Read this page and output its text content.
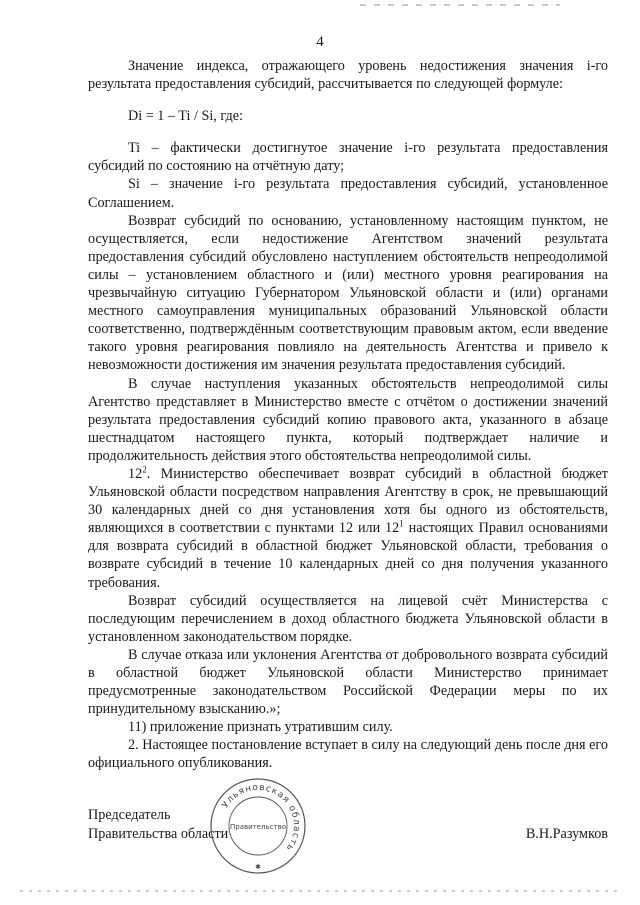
4

Значение индекса, отражающего уровень недостижения значения i-го результата предоставления субсидий, рассчитывается по следующей формуле:

Di = 1 – Ti / Si, где:

Ti – фактически достигнутое значение i-го результата предоставления субсидий по состоянию на отчётную дату;

Si – значение i-го результата предоставления субсидий, установленное Соглашением.

Возврат субсидий по основанию, установленному настоящим пунктом, не осуществляется, если недостижение Агентством значений результата предоставления субсидий обусловлено наступлением обстоятельств непреодолимой силы – установлением областного и (или) местного уровня реагирования на чрезвычайную ситуацию Губернатором Ульяновской области и (или) органами местного самоуправления муниципальных образований Ульяновской области соответственно, подтверждённым соответствующим правовым актом, если введение такого уровня реагирования повлияло на деятельность Агентства и привело к невозможности достижения им значения результата предоставления субсидий.

В случае наступления указанных обстоятельств непреодолимой силы Агентство представляет в Министерство вместе с отчётом о достижении значений результата предоставления субсидий копию правового акта, указанного в абзаце шестнадцатом настоящего пункта, который подтверждает наличие и продолжительность действия этого обстоятельства непреодолимой силы.

$12^2$. Министерство обеспечивает возврат субсидий в областной бюджет Ульяновской области посредством направления Агентству в срок, не превышающий 30 календарных дней со дня установления хотя бы одного из обстоятельств, являющихся в соответствии с пунктами 12 или $12^1$ настоящих Правил основаниями для возврата субсидий в областной бюджет Ульяновской области, требования о возврате субсидий в течение 10 календарных дней со дня получения указанного требования.

Возврат субсидий осуществляется на лицевой счёт Министерства с последующим перечислением в доход областного бюджета Ульяновской области в установленном законодательством порядке.

В случае отказа или уклонения Агентства от добровольного возврата субсидий в областной бюджет Ульяновской области Министерство принимает предусмотренные законодательством Российской Федерации меры по их принудительному взысканию.»;

11) приложение признать утратившим силу.

2. Настоящее постановление вступает в силу на следующий день после дня его официального опубликования.

Председатель
Правительства области	В.Н.Разумков
Ульяновская область
Правительство
✱
